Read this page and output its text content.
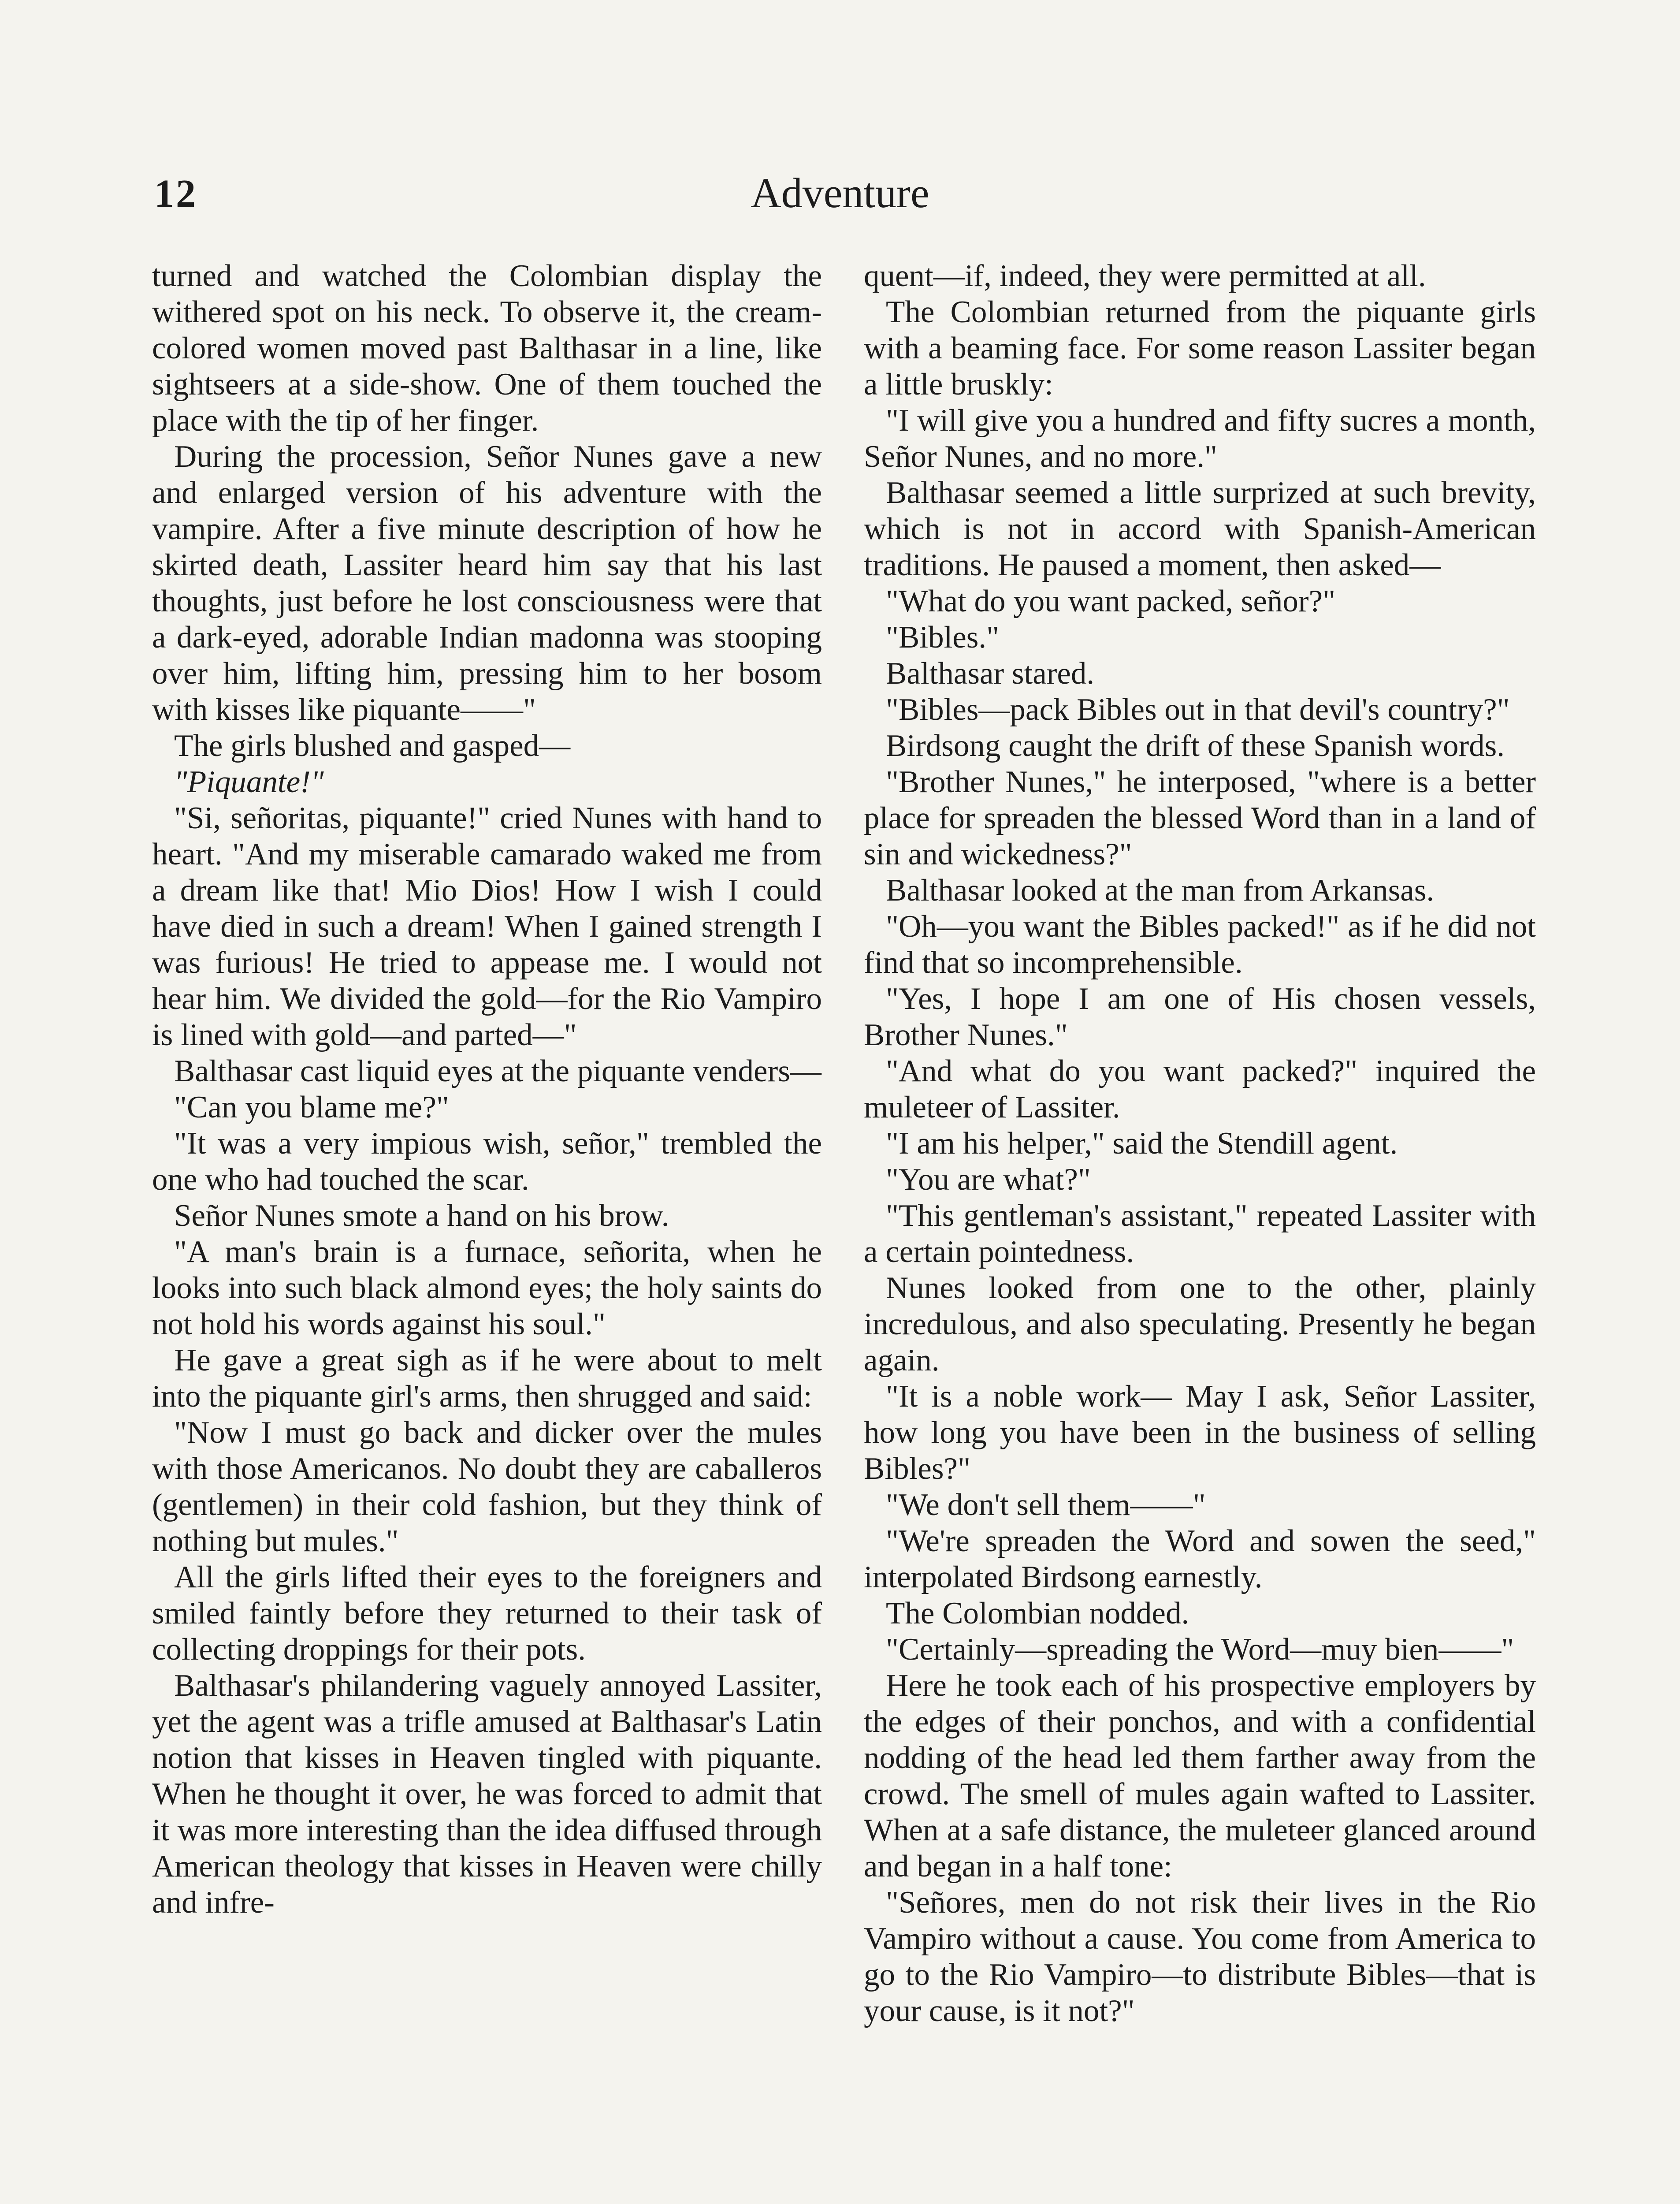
12	Adventure

turned and watched the Colombian display the withered spot on his neck. To observe it, the cream-colored women moved past Balthasar in a line, like sightseers at a side-show. One of them touched the place with the tip of her finger.

During the procession, Señor Nunes gave a new and enlarged version of his adventure with the vampire. After a five minute description of how he skirted death, Lassiter heard him say that his last thoughts, just before he lost consciousness were that a dark-eyed, adorable Indian madonna was stooping over him, lifting him, pressing him to her bosom with kisses like piquante——"

The girls blushed and gasped—

"Piquante!"

"Si, señoritas, piquante!" cried Nunes with hand to heart. "And my miserable camarado waked me from a dream like that! Mio Dios! How I wish I could have died in such a dream! When I gained strength I was furious! He tried to appease me. I would not hear him. We divided the gold—for the Rio Vampiro is lined with gold—and parted—"

Balthasar cast liquid eyes at the piquante venders—

"Can you blame me?"

"It was a very impious wish, señor," trembled the one who had touched the scar.

Señor Nunes smote a hand on his brow.

"A man's brain is a furnace, señorita, when he looks into such black almond eyes; the holy saints do not hold his words against his soul."

He gave a great sigh as if he were about to melt into the piquante girl's arms, then shrugged and said:

"Now I must go back and dicker over the mules with those Americanos. No doubt they are caballeros (gentlemen) in their cold fashion, but they think of nothing but mules."

All the girls lifted their eyes to the foreigners and smiled faintly before they returned to their task of collecting droppings for their pots.

Balthasar's philandering vaguely annoyed Lassiter, yet the agent was a trifle amused at Balthasar's Latin notion that kisses in Heaven tingled with piquante. When he thought it over, he was forced to admit that it was more interesting than the idea diffused through American theology that kisses in Heaven were chilly and infre-

quent—if, indeed, they were permitted at all.

The Colombian returned from the piquante girls with a beaming face. For some reason Lassiter began a little bruskly:

"I will give you a hundred and fifty sucres a month, Señor Nunes, and no more."

Balthasar seemed a little surprized at such brevity, which is not in accord with Spanish-American traditions. He paused a moment, then asked—

"What do you want packed, señor?"

"Bibles."

Balthasar stared.

"Bibles—pack Bibles out in that devil's country?"

Birdsong caught the drift of these Spanish words.

"Brother Nunes," he interposed, "where is a better place for spreaden the blessed Word than in a land of sin and wickedness?"

Balthasar looked at the man from Arkansas.

"Oh—you want the Bibles packed!" as if he did not find that so incomprehensible.

"Yes, I hope I am one of His chosen vessels, Brother Nunes."

"And what do you want packed?" inquired the muleteer of Lassiter.

"I am his helper," said the Stendill agent.

"You are what?"

"This gentleman's assistant," repeated Lassiter with a certain pointedness.

Nunes looked from one to the other, plainly incredulous, and also speculating. Presently he began again.

"It is a noble work— May I ask, Señor Lassiter, how long you have been in the business of selling Bibles?"

"We don't sell them——"

"We're spreaden the Word and sowen the seed," interpolated Birdsong earnestly.

The Colombian nodded.

"Certainly—spreading the Word—muy bien——"

Here he took each of his prospective employers by the edges of their ponchos, and with a confidential nodding of the head led them farther away from the crowd. The smell of mules again wafted to Lassiter. When at a safe distance, the muleteer glanced around and began in a half tone:

"Señores, men do not risk their lives in the Rio Vampiro without a cause. You come from America to go to the Rio Vampiro—to distribute Bibles—that is your cause, is it not?"
